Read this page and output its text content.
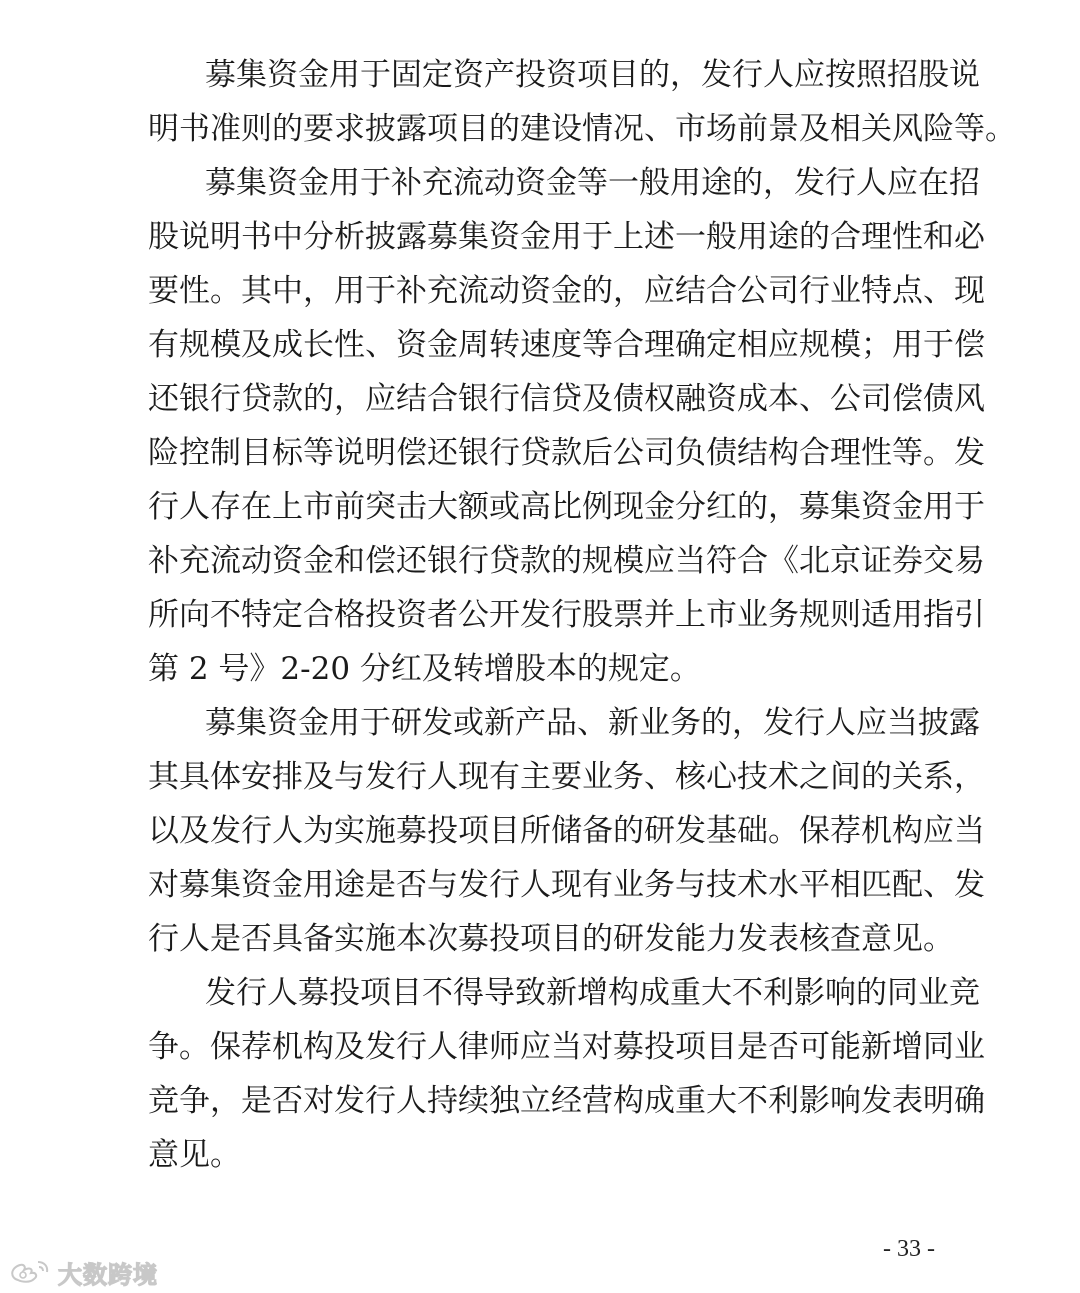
募集资金用于固定资产投资项目的，发行人应按照招股说
明书准则的要求披露项目的建设情况、市场前景及相关风险等。
募集资金用于补充流动资金等一般用途的，发行人应在招
股说明书中分析披露募集资金用于上述一般用途的合理性和必
要性。其中，用于补充流动资金的，应结合公司行业特点、现
有规模及成长性、资金周转速度等合理确定相应规模；用于偿
还银行贷款的，应结合银行信贷及债权融资成本、公司偿债风
险控制目标等说明偿还银行贷款后公司负债结构合理性等。发
行人存在上市前突击大额或高比例现金分红的，募集资金用于
补充流动资金和偿还银行贷款的规模应当符合《北京证券交易
所向不特定合格投资者公开发行股票并上市业务规则适用指引
第 2 号》2-20 分红及转增股本的规定。
募集资金用于研发或新产品、新业务的，发行人应当披露
其具体安排及与发行人现有主要业务、核心技术之间的关系，
以及发行人为实施募投项目所储备的研发基础。保荐机构应当
对募集资金用途是否与发行人现有业务与技术水平相匹配、发
行人是否具备实施本次募投项目的研发能力发表核查意见。
发行人募投项目不得导致新增构成重大不利影响的同业竞
争。保荐机构及发行人律师应当对募投项目是否可能新增同业
竞争，是否对发行人持续独立经营构成重大不利影响发表明确
意见。
- 33 -
大数跨境
